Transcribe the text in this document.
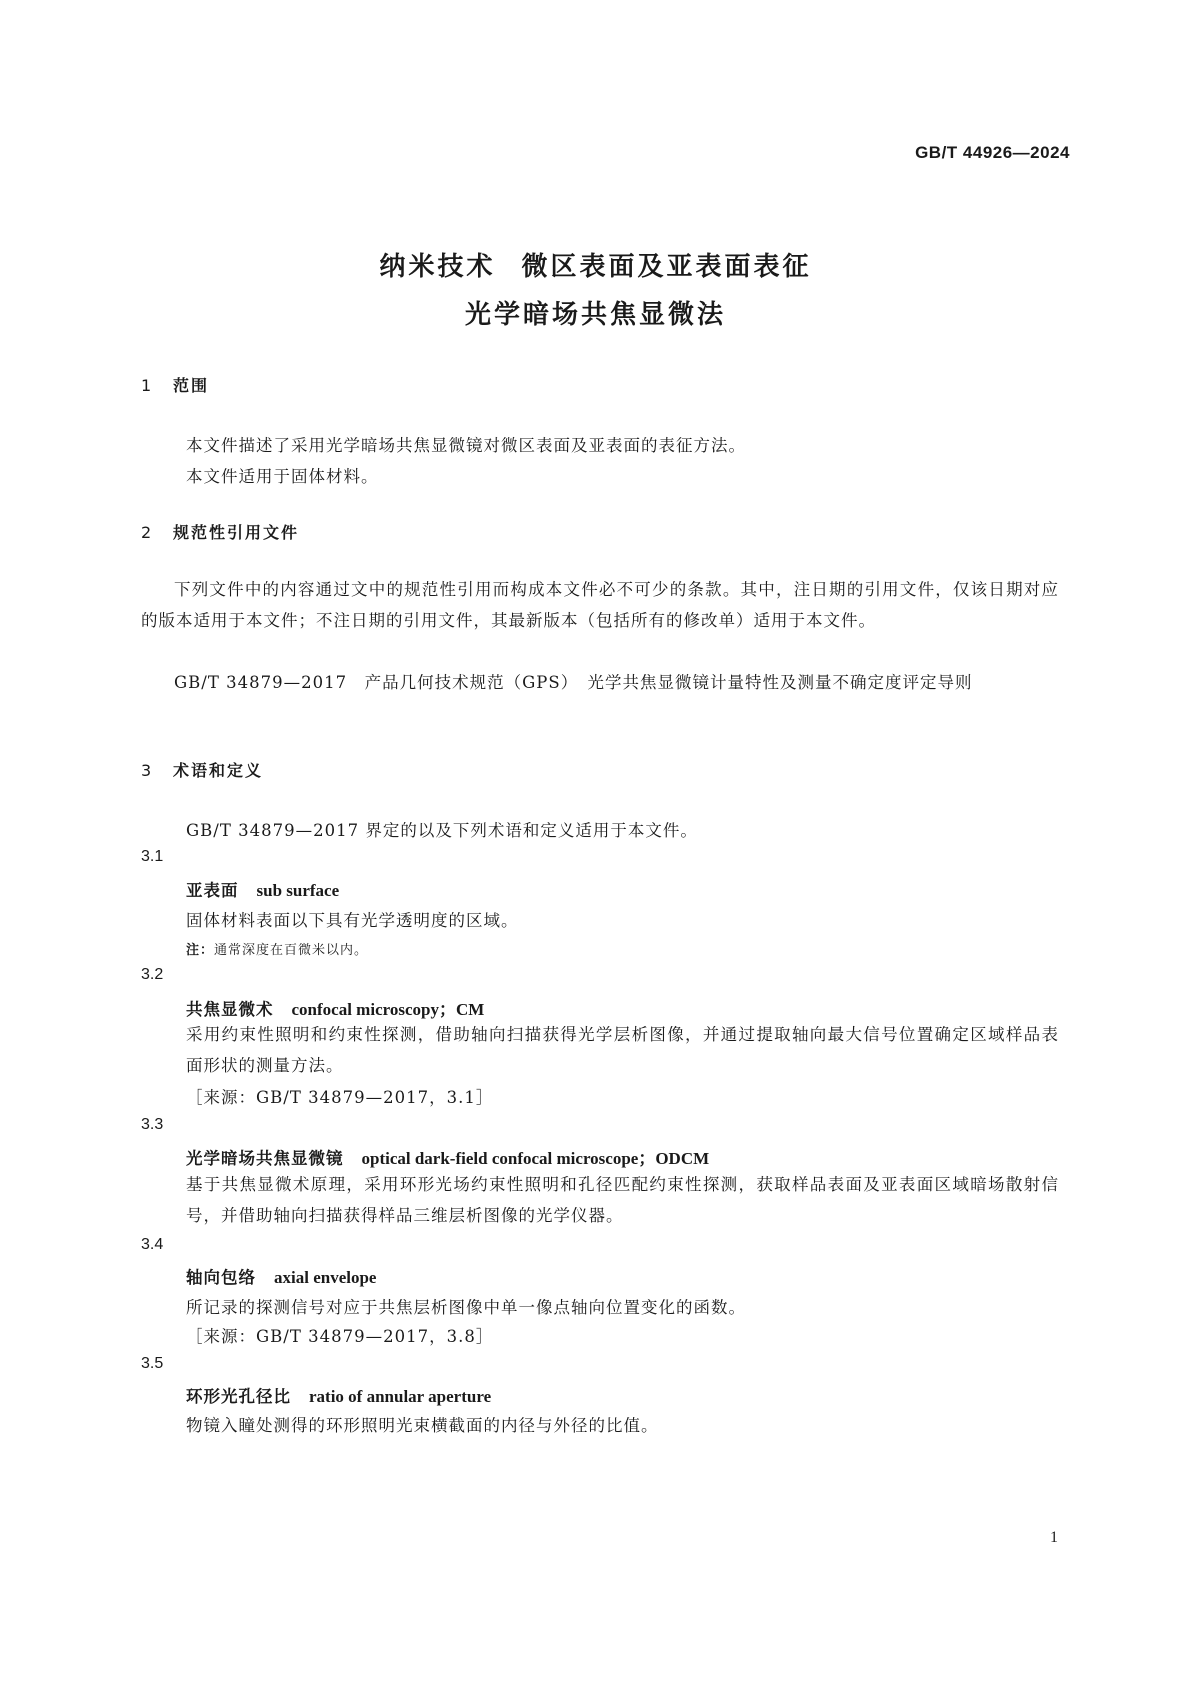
GB/T 44926—2024
纳米技术 微区表面及亚表面表征
光学暗场共焦显微法
1 范围
本文件描述了采用光学暗场共焦显微镜对微区表面及亚表面的表征方法。
本文件适用于固体材料。
2 规范性引用文件
下列文件中的内容通过文中的规范性引用而构成本文件必不可少的条款。其中，注日期的引用文件，仅该日期对应的版本适用于本文件；不注日期的引用文件，其最新版本（包括所有的修改单）适用于本文件。
GB/T 34879—2017　 产品几何技术规范（GPS）　光学共焦显微镜计量特性及测量不确定度评定导则
3 术语和定义
GB/T 34879—2017 界定的以及下列术语和定义适用于本文件。
3.1
亚表面 sub surface
固体材料表面以下具有光学透明度的区域。
注：通常深度在百微米以内。
3.2
共焦显微术 confocal microscopy；CM
采用约束性照明和约束性探测，借助轴向扫描获得光学层析图像，并通过提取轴向最大信号位置确定区域样品表面形状的测量方法。
［来源：GB/T 34879—2017，3.1］
3.3
光学暗场共焦显微镜 optical dark-field confocal microscope；ODCM
基于共焦显微术原理，采用环形光场约束性照明和孔径匹配约束性探测，获取样品表面及亚表面区域暗场散射信号，并借助轴向扫描获得样品三维层析图像的光学仪器。
3.4
轴向包络 axial envelope
所记录的探测信号对应于共焦层析图像中单一像点轴向位置变化的函数。
［来源：GB/T 34879—2017，3.8］
3.5
环形光孔径比 ratio of annular aperture
物镜入瞳处测得的环形照明光束横截面的内径与外径的比值。
1
